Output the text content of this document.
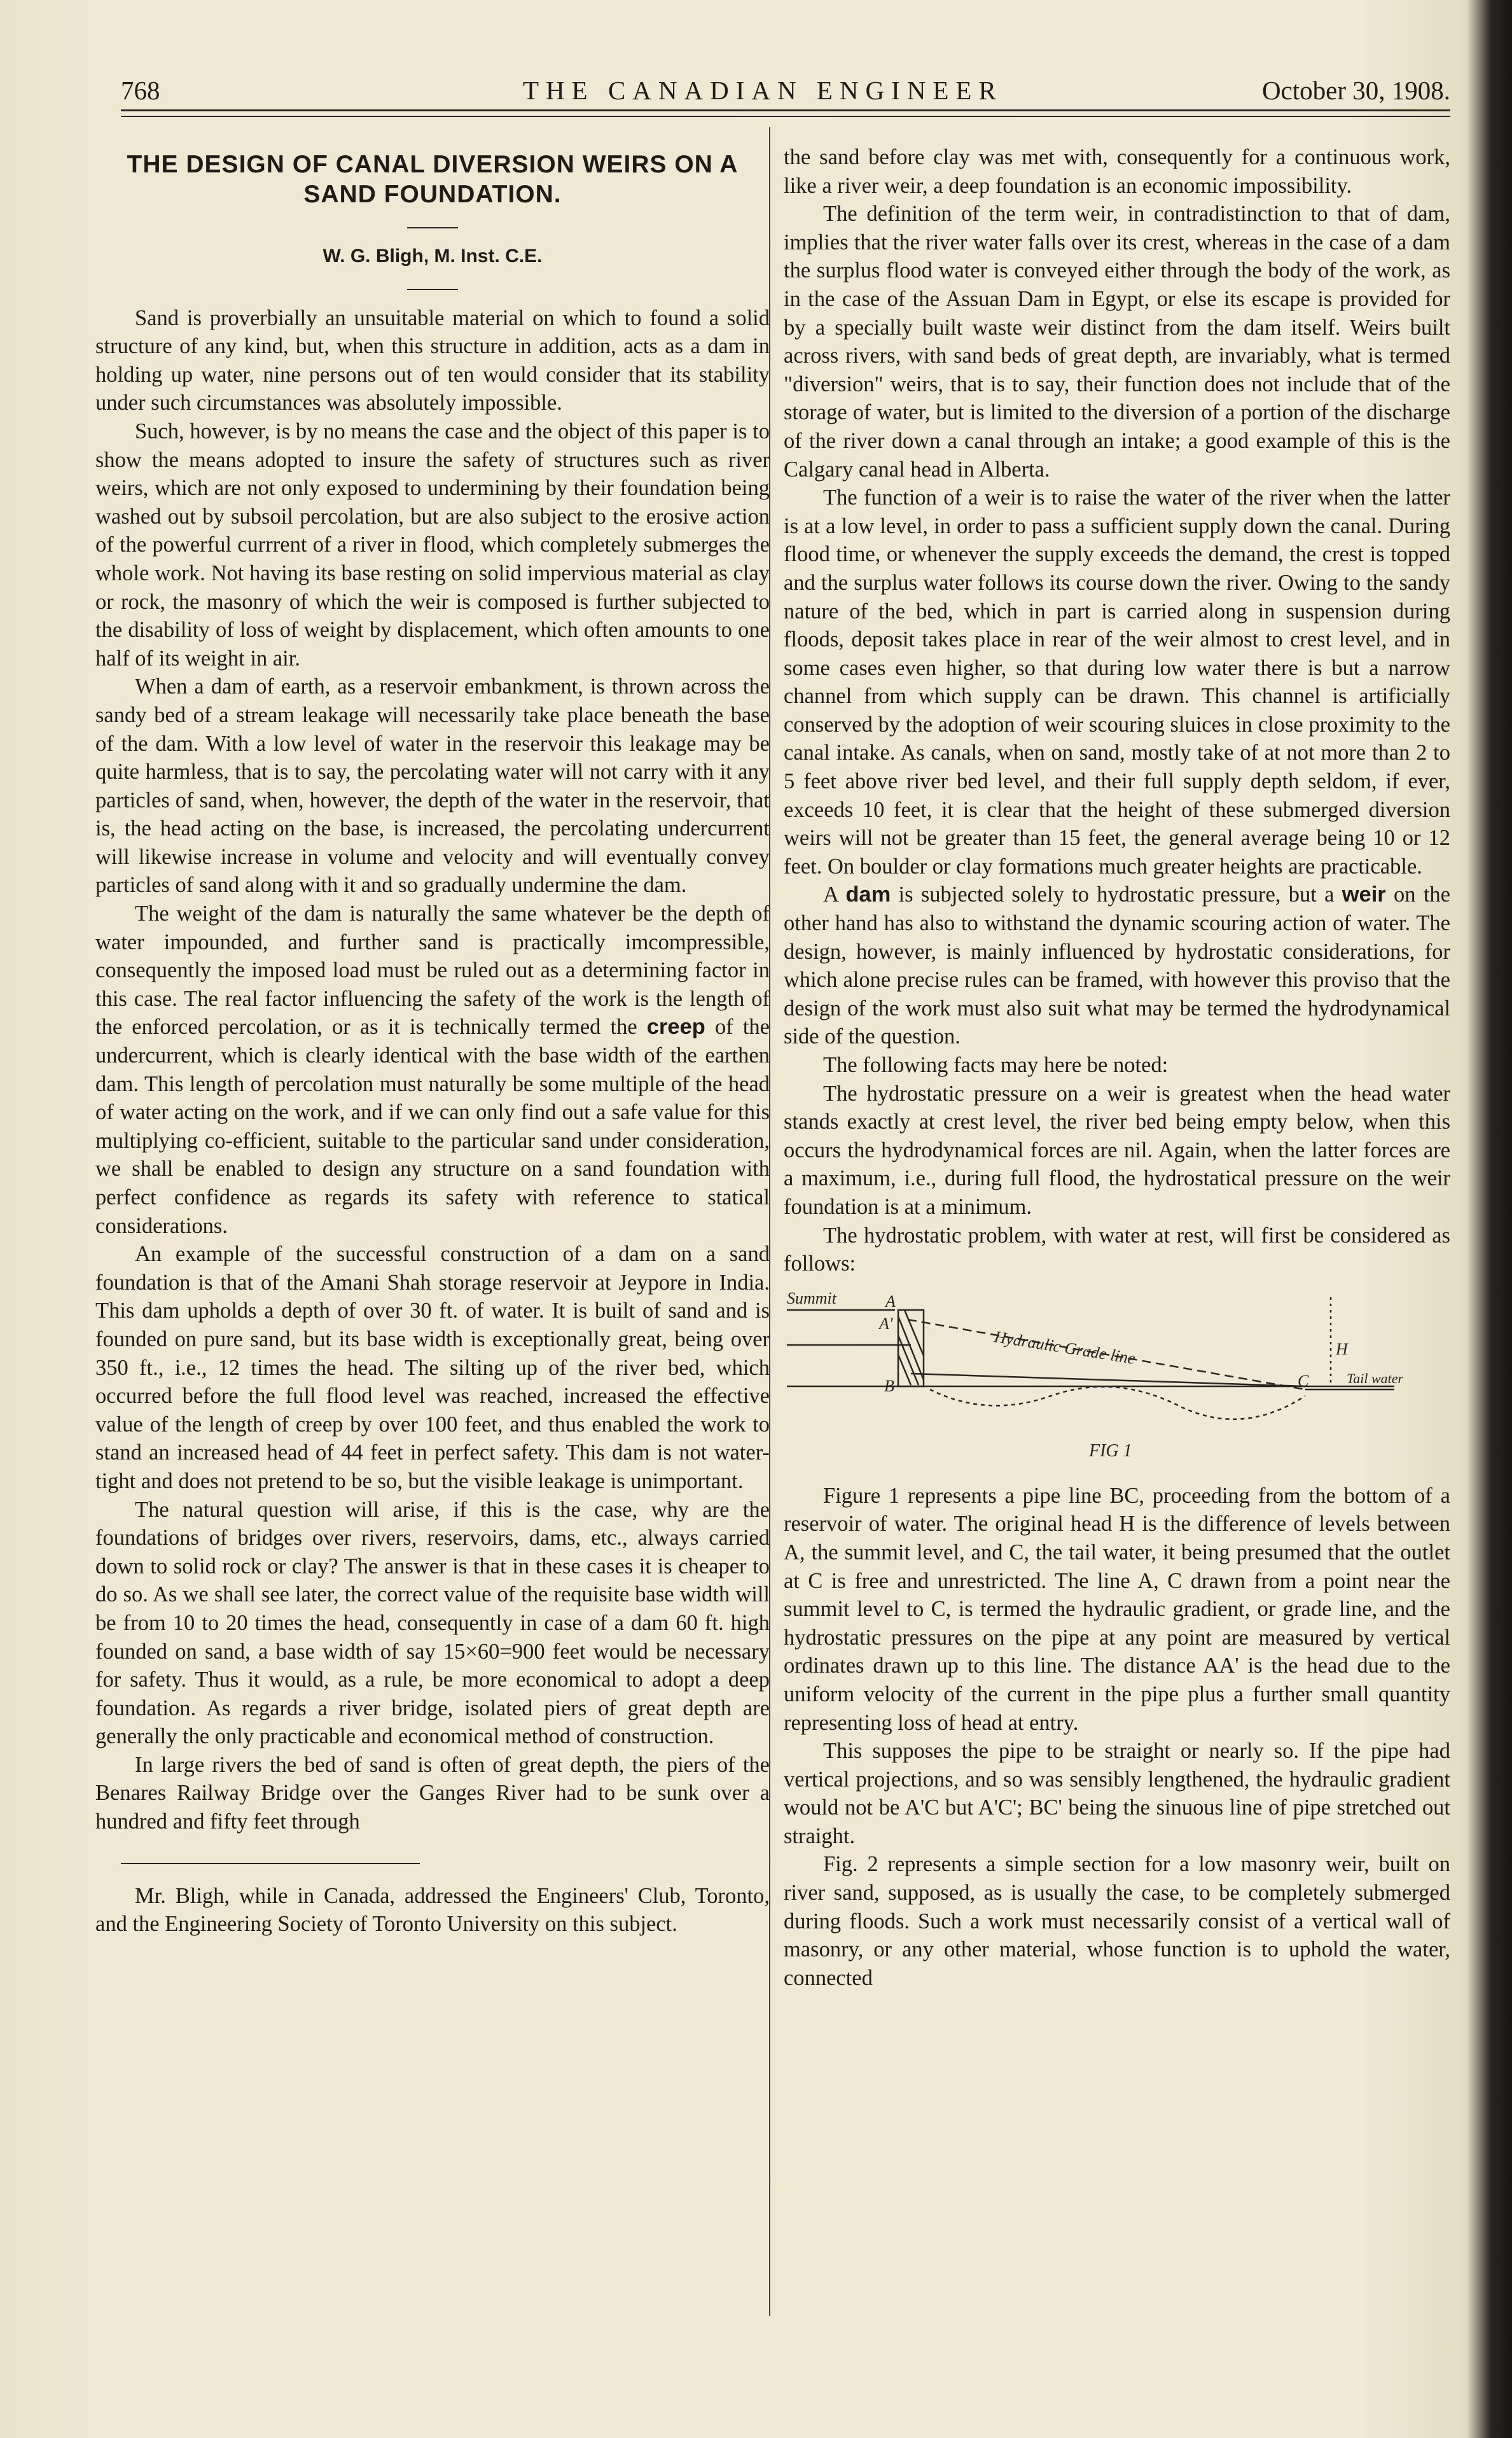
768	THE CANADIAN ENGINEER	October 30, 1908.
THE DESIGN OF CANAL DIVERSION WEIRS ON A SAND FOUNDATION.
W. G. Bligh, M. Inst. C.E.

Sand is proverbially an unsuitable material on which to found a solid structure of any kind, but, when this structure in addition, acts as a dam in holding up water, nine persons out of ten would consider that its stability under such circumstances was absolutely impossible.

Such, however, is by no means the case and the object of this paper is to show the means adopted to insure the safety of structures such as river weirs, which are not only exposed to undermining by their foundation being washed out by subsoil percolation, but are also subject to the erosive action of the powerful currrent of a river in flood, which completely submerges the whole work. Not having its base resting on solid impervious material as clay or rock, the masonry of which the weir is composed is further subjected to the disability of loss of weight by displacement, which often amounts to one half of its weight in air.

When a dam of earth, as a reservoir embankment, is thrown across the sandy bed of a stream leakage will necessarily take place beneath the base of the dam. With a low level of water in the reservoir this leakage may be quite harmless, that is to say, the percolating water will not carry with it any particles of sand, when, however, the depth of the water in the reservoir, that is, the head acting on the base, is increased, the percolating undercurrent will likewise increase in volume and velocity and will eventually convey particles of sand along with it and so gradually undermine the dam.

The weight of the dam is naturally the same whatever be the depth of water impounded, and further sand is practically imcompressible, consequently the imposed load must be ruled out as a determining factor in this case. The real factor influencing the safety of the work is the length of the enforced percolation, or as it is technically termed the creep of the undercurrent, which is clearly identical with the base width of the earthen dam. This length of percolation must naturally be some multiple of the head of water acting on the work, and if we can only find out a safe value for this multiplying co-efficient, suitable to the particular sand under consideration, we shall be enabled to design any structure on a sand foundation with perfect confidence as regards its safety with reference to statical considerations.

An example of the successful construction of a dam on a sand foundation is that of the Amani Shah storage reservoir at Jeypore in India. This dam upholds a depth of over 30 ft. of water. It is built of sand and is founded on pure sand, but its base width is exceptionally great, being over 350 ft., i.e., 12 times the head. The silting up of the river bed, which occurred before the full flood level was reached, increased the effective value of the length of creep by over 100 feet, and thus enabled the work to stand an increased head of 44 feet in perfect safety. This dam is not water-tight and does not pretend to be so, but the visible leakage is unimportant.

The natural question will arise, if this is the case, why are the foundations of bridges over rivers, reservoirs, dams, etc., always carried down to solid rock or clay? The answer is that in these cases it is cheaper to do so. As we shall see later, the correct value of the requisite base width will be from 10 to 20 times the head, consequently in case of a dam 60 ft. high founded on sand, a base width of say 15×60=900 feet would be necessary for safety. Thus it would, as a rule, be more economical to adopt a deep foundation. As regards a river bridge, isolated piers of great depth are generally the only practicable and economical method of construction.

In large rivers the bed of sand is often of great depth, the piers of the Benares Railway Bridge over the Ganges River had to be sunk over a hundred and fifty feet through

Mr. Bligh, while in Canada, addressed the Engineers' Club, Toronto, and the Engineering Society of Toronto University on this subject.

the sand before clay was met with, consequently for a continuous work, like a river weir, a deep foundation is an economic impossibility.

The definition of the term weir, in contradistinction to that of dam, implies that the river water falls over its crest, whereas in the case of a dam the surplus flood water is conveyed either through the body of the work, as in the case of the Assuan Dam in Egypt, or else its escape is provided for by a specially built waste weir distinct from the dam itself. Weirs built across rivers, with sand beds of great depth, are invariably, what is termed "diversion" weirs, that is to say, their function does not include that of the storage of water, but is limited to the diversion of a portion of the discharge of the river down a canal through an intake; a good example of this is the Calgary canal head in Alberta.

The function of a weir is to raise the water of the river when the latter is at a low level, in order to pass a sufficient supply down the canal. During flood time, or whenever the supply exceeds the demand, the crest is topped and the surplus water follows its course down the river. Owing to the sandy nature of the bed, which in part is carried along in suspension during floods, deposit takes place in rear of the weir almost to crest level, and in some cases even higher, so that during low water there is but a narrow channel from which supply can be drawn. This channel is artificially conserved by the adoption of weir scouring sluices in close proximity to the canal intake. As canals, when on sand, mostly take of at not more than 2 to 5 feet above river bed level, and their full supply depth seldom, if ever, exceeds 10 feet, it is clear that the height of these submerged diversion weirs will not be greater than 15 feet, the general average being 10 or 12 feet. On boulder or clay formations much greater heights are practicable.

A dam is subjected solely to hydrostatic pressure, but a weir on the other hand has also to withstand the dynamic scouring action of water. The design, however, is mainly influenced by hydrostatic considerations, for which alone precise rules can be framed, with however this proviso that the design of the work must also suit what may be termed the hydrodynamical side of the question.

The following facts may here be noted:

The hydrostatic pressure on a weir is greatest when the head water stands exactly at crest level, the river bed being empty below, when this occurs the hydrodynamical forces are nil. Again, when the latter forces are a maximum, i.e., during full flood, the hydrostatical pressure on the weir foundation is at a minimum.

The hydrostatic problem, with water at rest, will first be considered as follows:

Summit	A
A'
B	C
H
Hydraulic Grade line
Tail water
FIG 1

Figure 1 represents a pipe line BC, proceeding from the bottom of a reservoir of water. The original head H is the difference of levels between A, the summit level, and C, the tail water, it being presumed that the outlet at C is free and unrestricted. The line A, C drawn from a point near the summit level to C, is termed the hydraulic gradient, or grade line, and the hydrostatic pressures on the pipe at any point are measured by vertical ordinates drawn up to this line. The distance AA' is the head due to the uniform velocity of the current in the pipe plus a further small quantity representing loss of head at entry.

This supposes the pipe to be straight or nearly so. If the pipe had vertical projections, and so was sensibly lengthened, the hydraulic gradient would not be A'C but A'C'; BC' being the sinuous line of pipe stretched out straight.

Fig. 2 represents a simple section for a low masonry weir, built on river sand, supposed, as is usually the case, to be completely submerged during floods. Such a work must necessarily consist of a vertical wall of masonry, or any other material, whose function is to uphold the water, connected
